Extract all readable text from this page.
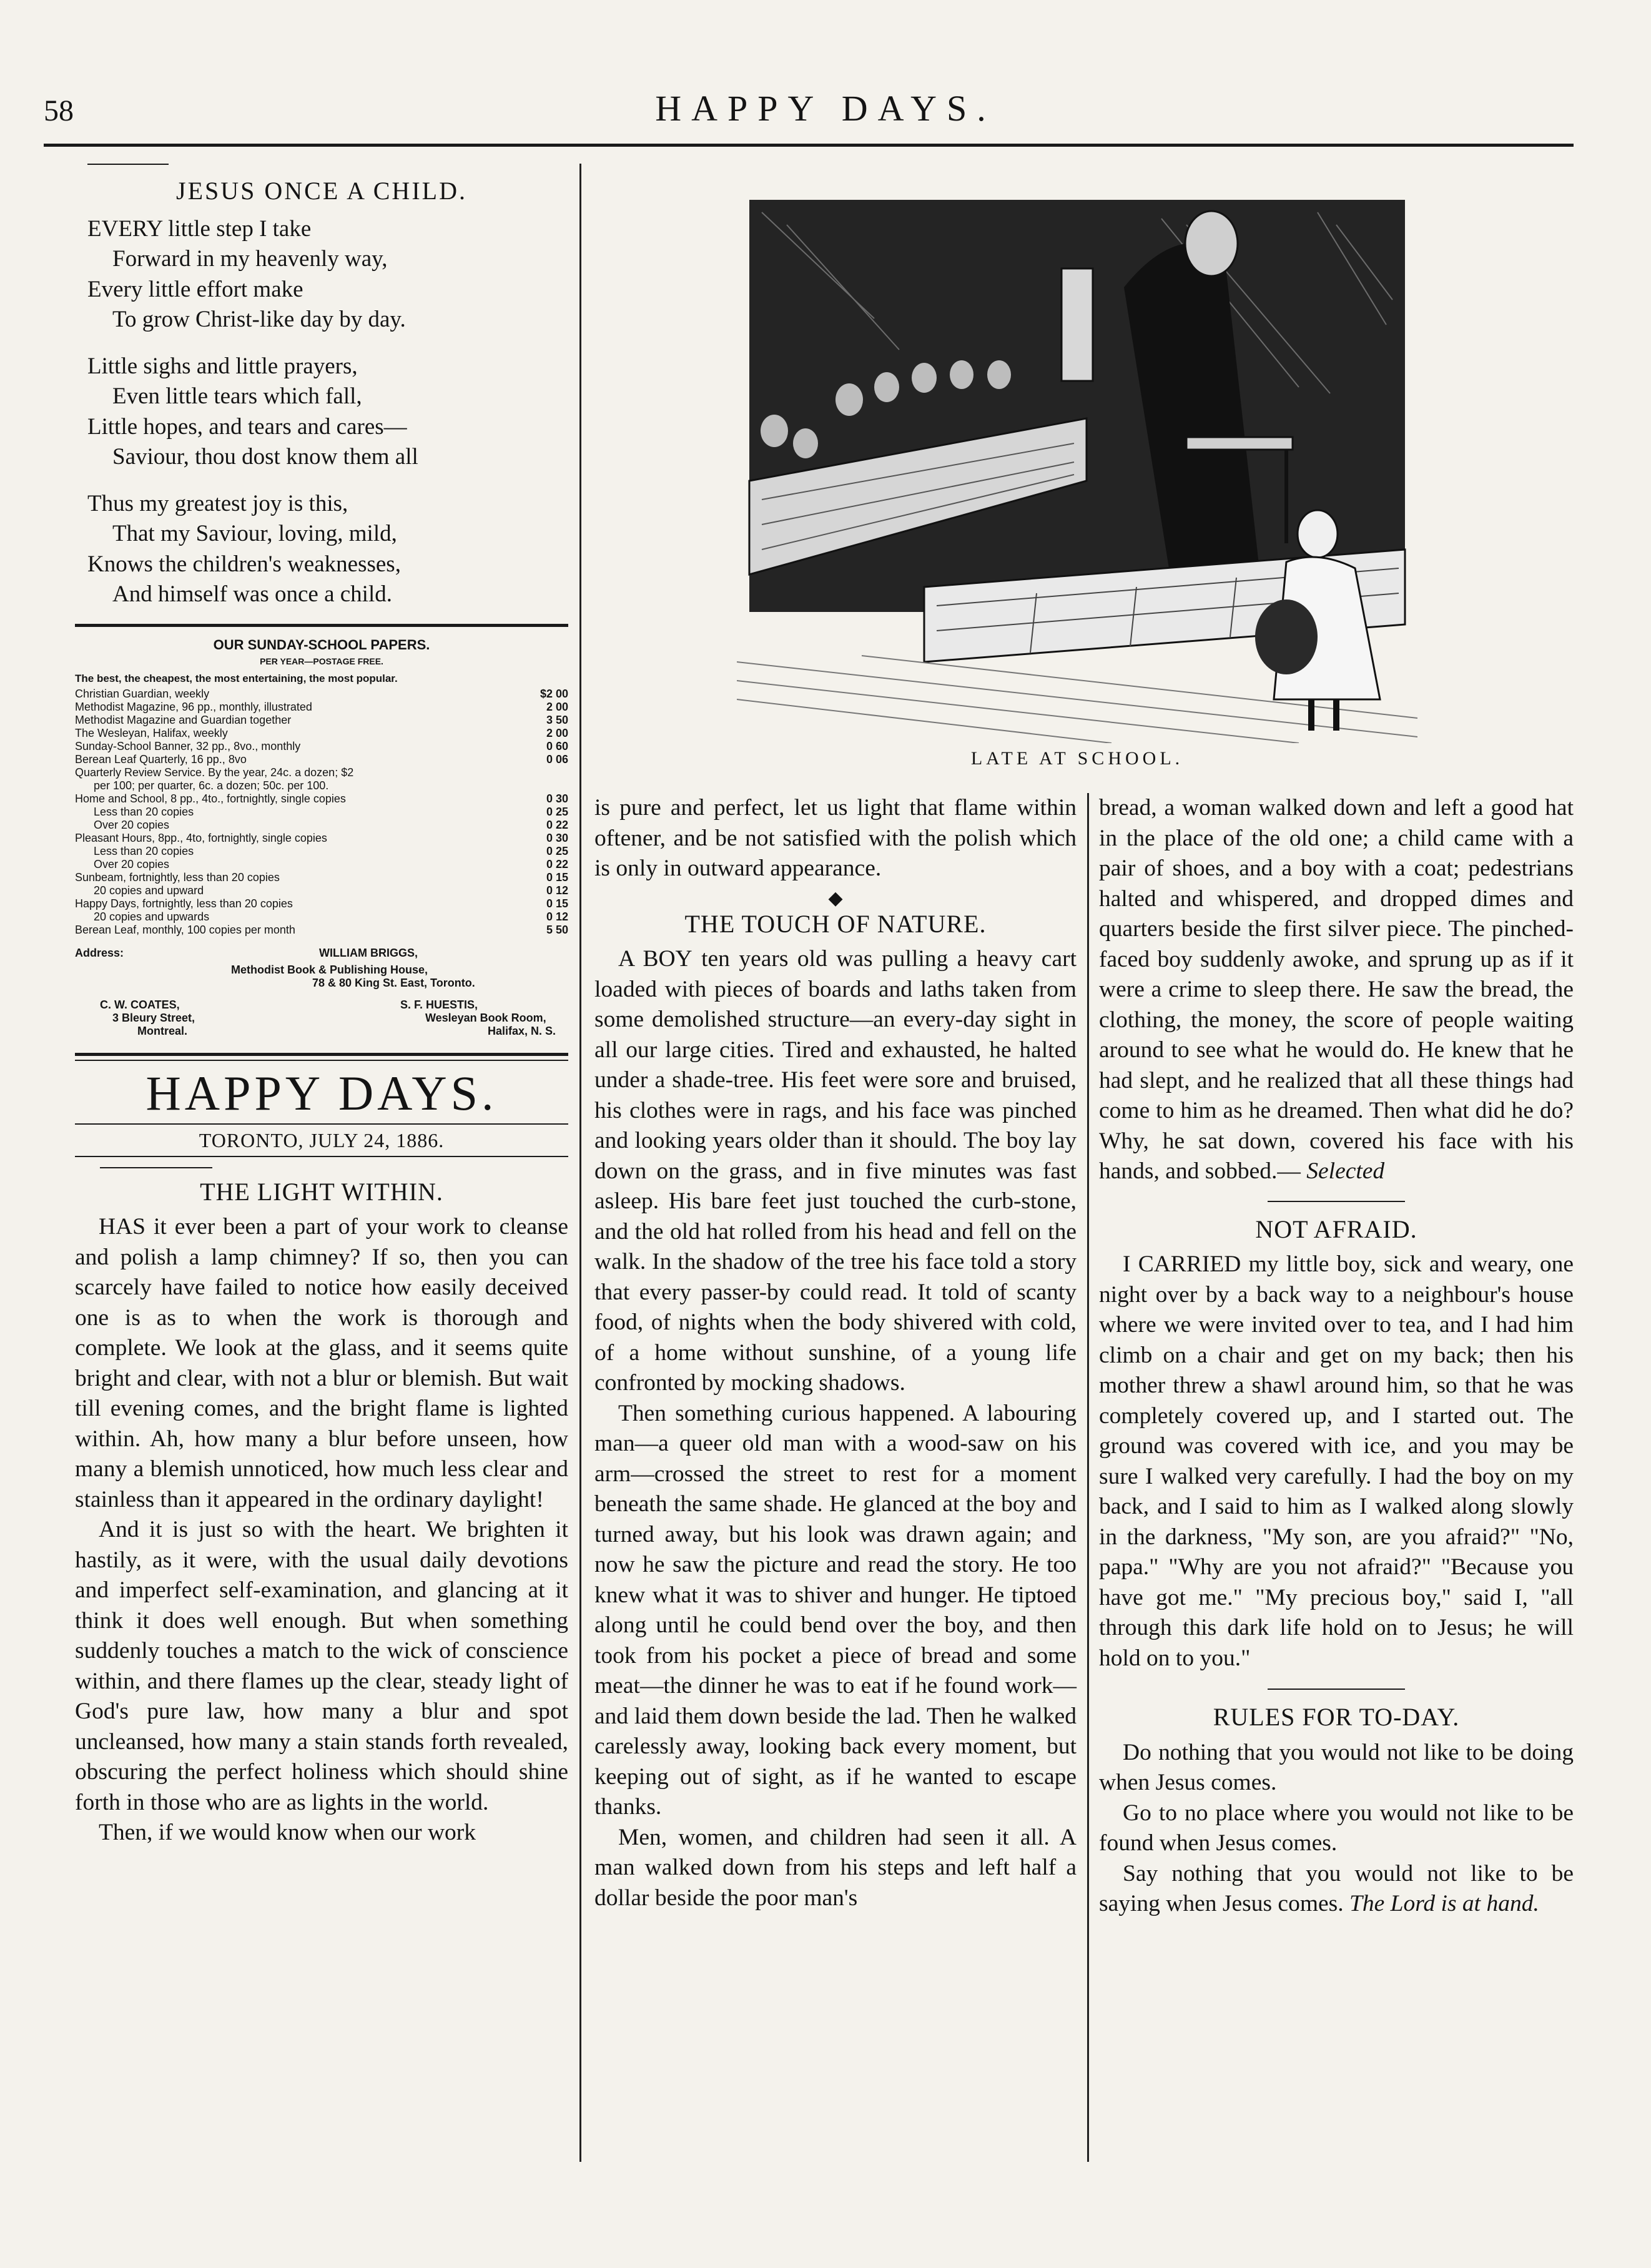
58	HAPPY DAYS.
JESUS ONCE A CHILD.
EVERY little step I take
Forward in my heavenly way,
Every little effort make
To grow Christ-like day by day.
Little sighs and little prayers,
Even little tears which fall,
Little hopes, and tears and cares—
Saviour, thou dost know them all
Thus my greatest joy is this,
That my Saviour, loving, mild,
Knows the children's weaknesses,
And himself was once a child.
OUR SUNDAY-SCHOOL PAPERS.
PER YEAR—POSTAGE FREE.
The best, the cheapest, the most entertaining, the most popular.
Christian Guardian, weekly	$2 00
Methodist Magazine, 96 pp., monthly, illustrated	2 00
Methodist Magazine and Guardian together	3 50
The Wesleyan, Halifax, weekly	2 00
Sunday-School Banner, 32 pp., 8vo., monthly	0 60
Berean Leaf Quarterly, 16 pp., 8vo	0 06
Quarterly Review Service. By the year, 24c. a dozen; $2
per 100; per quarter, 6c. a dozen; 50c. per 100.
Home and School, 8 pp., 4to., fortnightly, single copies	0 30
Less than 20 copies	0 25
Over 20 copies	0 22
Pleasant Hours, 8pp., 4to, fortnightly, single copies	0 30
Less than 20 copies	0 25
Over 20 copies	0 22
Sunbeam, fortnightly, less than 20 copies	0 15
20 copies and upward	0 12
Happy Days, fortnightly, less than 20 copies	0 15
20 copies and upwards	0 12
Berean Leaf, monthly, 100 copies per month	5 50
Address:	WILLIAM BRIGGS,
Methodist Book & Publishing House,
78 & 80 King St. East, Toronto.
C. W. COATES,
3 Bleury Street,
Montreal.
S. F. HUESTIS,
Wesleyan Book Room,
Halifax, N. S.
HAPPY DAYS.
TORONTO, JULY 24, 1886.
THE LIGHT WITHIN.

HAS it ever been a part of your work to cleanse and polish a lamp chimney? If so, then you can scarcely have failed to notice how easily deceived one is as to when the work is thorough and complete. We look at the glass, and it seems quite bright and clear, with not a blur or blemish. But wait till evening comes, and the bright flame is lighted within. Ah, how many a blur before unseen, how many a blemish unnoticed, how much less clear and stainless than it appeared in the ordinary daylight!

And it is just so with the heart. We brighten it hastily, as it were, with the usual daily devotions and imperfect self-examination, and glancing at it think it does well enough. But when something suddenly touches a match to the wick of conscience within, and there flames up the clear, steady light of God's pure law, how many a blur and spot uncleansed, how many a stain stands forth revealed, obscuring the perfect holiness which should shine forth in those who are as lights in the world.

Then, if we would know when our work

LATE AT SCHOOL.

is pure and perfect, let us light that flame within oftener, and be not satisfied with the polish which is only in outward appearance.

◆
THE TOUCH OF NATURE.

A BOY ten years old was pulling a heavy cart loaded with pieces of boards and laths taken from some demolished structure—an every-day sight in all our large cities. Tired and exhausted, he halted under a shade-tree. His feet were sore and bruised, his clothes were in rags, and his face was pinched and looking years older than it should. The boy lay down on the grass, and in five minutes was fast asleep. His bare feet just touched the curb-stone, and the old hat rolled from his head and fell on the walk. In the shadow of the tree his face told a story that every passer-by could read. It told of scanty food, of nights when the body shivered with cold, of a home without sunshine, of a young life confronted by mocking shadows.

Then something curious happened. A labouring man—a queer old man with a wood-saw on his arm—crossed the street to rest for a moment beneath the same shade. He glanced at the boy and turned away, but his look was drawn again; and now he saw the picture and read the story. He too knew what it was to shiver and hunger. He tiptoed along until he could bend over the boy, and then took from his pocket a piece of bread and some meat—the dinner he was to eat if he found work—and laid them down beside the lad. Then he walked carelessly away, looking back every moment, but keeping out of sight, as if he wanted to escape thanks.

Men, women, and children had seen it all. A man walked down from his steps and left half a dollar beside the poor man's

bread, a woman walked down and left a good hat in the place of the old one; a child came with a pair of shoes, and a boy with a coat; pedestrians halted and whispered, and dropped dimes and quarters beside the first silver piece. The pinched-faced boy suddenly awoke, and sprung up as if it were a crime to sleep there. He saw the bread, the clothing, the money, the score of people waiting around to see what he would do. He knew that he had slept, and he realized that all these things had come to him as he dreamed. Then what did he do? Why, he sat down, covered his face with his hands, and sobbed.— Selected

NOT AFRAID.

I CARRIED my little boy, sick and weary, one night over by a back way to a neighbour's house where we were invited over to tea, and I had him climb on a chair and get on my back; then his mother threw a shawl around him, so that he was completely covered up, and I started out. The ground was covered with ice, and you may be sure I walked very carefully. I had the boy on my back, and I said to him as I walked along slowly in the darkness, "My son, are you afraid?" "No, papa." "Why are you not afraid?" "Because you have got me." "My precious boy," said I, "all through this dark life hold on to Jesus; he will hold on to you."

RULES FOR TO-DAY.

Do nothing that you would not like to be doing when Jesus comes.

Go to no place where you would not like to be found when Jesus comes.

Say nothing that you would not like to be saying when Jesus comes. The Lord is at hand.
